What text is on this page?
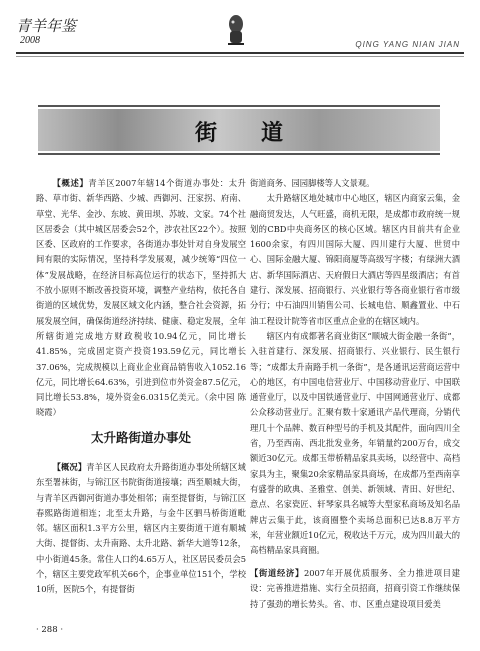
青羊年鉴
2008	QING YANG NIAN JIAN
街道

【概述】青羊区2007年辖14个街道办事处：太升路、草市街、新华西路、少城、西御河、汪家拐、府南、草堂、光华、金沙、东坡、黄田坝、苏坡、文家。74个社区居委会（其中城区居委会52个，涉农社区22个）。按照区委、区政府的工作要求，各街道办事处针对自身发展空间有限的实际情况，坚持科学发展观，减少统筹“四位一体”发展战略，在经济目标高位运行的状态下，坚持抓大不放小原则不断改善投资环境，调整产业结构，依托各自街道的区域优势，发展区域文化内涵，整合社会资源，拓展发展空间，确保街道经济持续、健康、稳定发展，全年所辖街道完成地方财政税收10.94亿元，同比增长41.85%，完成固定资产投资193.59亿元，同比增长37.06%，完成规模以上商业企业商品销售收入1052.16亿元，同比增长64.63%，引进到位市外资金87.5亿元，同比增长53.8%，境外资金6.0315亿美元。（余中园 陈晓霞）

太升路街道办事处

【概况】青羊区人民政府太升路街道办事处所辖区域东至署袜街，与锦江区书院街街道接壤；西至顺城大街，与青羊区西御河街道办事处相邻；南至提督街，与锦江区春熙路街道相连；北至太升路，与金牛区驷马桥街道毗邻。辖区面积1.3平方公里，辖区内主要街道干道有顺城大街、提督街、太升南路、太升北路、新华大道等12条，中小街道45条。常住人口约4.65万人，社区居民委员会5个，辖区主要党政军机关66个，企事业单位151个，学校10所，医院5个，有提督街

街道商务、园园脚楼等人文景观。

太升路辖区地处城市中心地区，辖区内商家云集，金融商贸发达，人气旺盛，商机无限，是成都市政府统一规划的CBD中央商务区的核心区域。辖区内目前共有企业1600余家，有四川国际大厦、四川建行大厦、世贸中心、国际金融大厦、锦阳商厦等高级写字楼；有绿洲大酒店、新华国际酒店、天府假日大酒店等四星级酒店；有首建行、深发展、招商银行、兴业银行等各商业银行省市级分行；中石油四川销售公司、长城电信、顺鑫置业、中石油工程设计院等省市区重点企业的在辖区域内。

辖区内有成都著名商业街区“顺城大街金融一条街”，入驻首建行、深发展、招商银行、兴业银行、民生银行等；“成都太升南路手机一条街”，是各通讯运营商运营中心的地区，有中国电信营业厅、中国移动营业厅、中国联通营业厅，以及中国铁通营业厅、中国网通营业厅、成都公众移动营业厅。汇聚有数十家通讯产品代理商，分销代理几十个品牌、数百种型号的手机及其配件，面向四川全省，乃至西南、西北批发业务，年销量约200万台，成交额近30亿元。成都玉带桥精品家具卖场，以经营中、高档家具为主，聚集20余家精品家具商场，在成都乃至西南享有盛誉的欧典、圣雅堂、创美、新领域、青田、好世纪、意点、名家瓷匠、轩琴家具名城等大型家私商场及知名品牌店云集于此，该商圈整个卖场总面积已达8.8万平方米，年营业额近10亿元，税收达千万元，成为四川最大的高档精品家具商圈。

【街道经济】2007年开展优质服务、全力推进项目建设：完善推进措施、实行全员招商，招商引资工作继续保持了强劲的增长势头。省、市、区重点建设项目爱美

· 288 ·
